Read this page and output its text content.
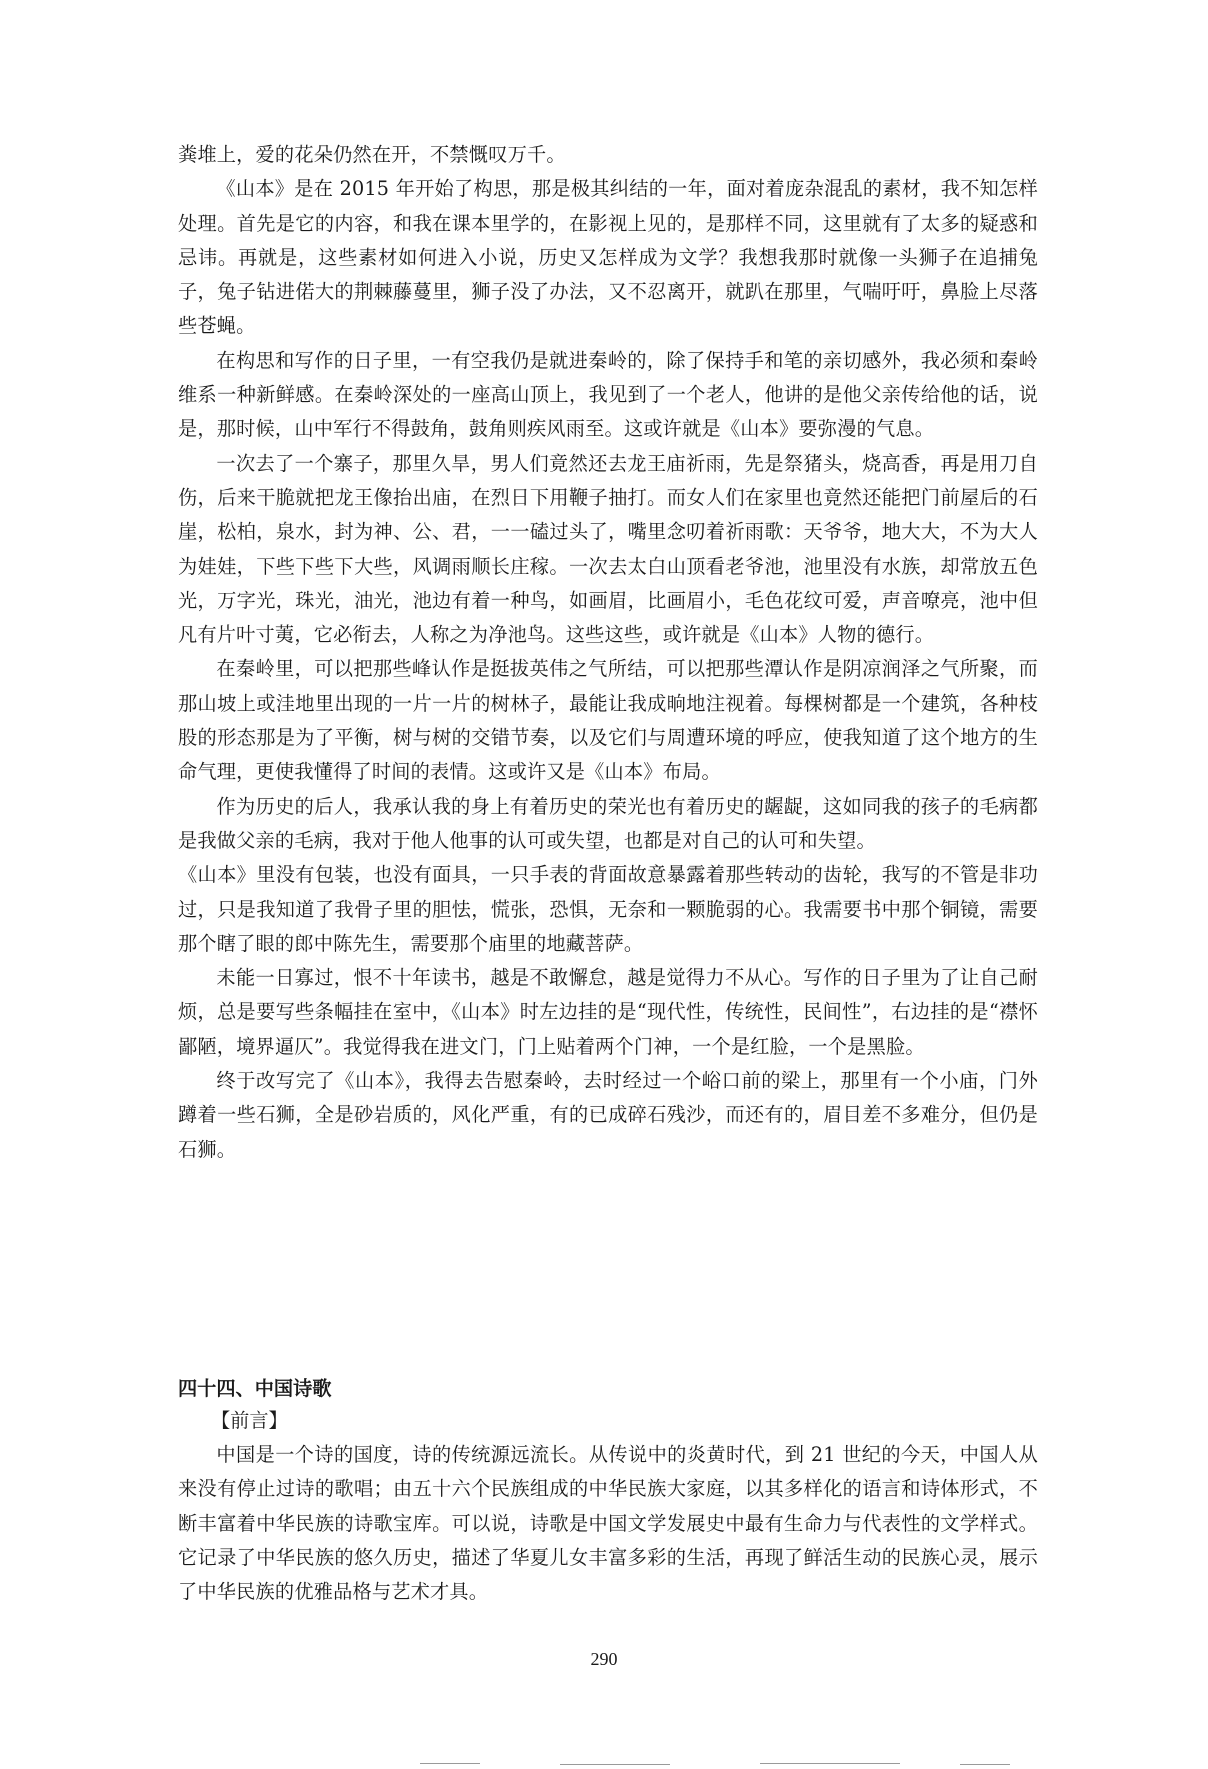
粪堆上，爱的花朵仍然在开，不禁慨叹万千。

《山本》是在 2015 年开始了构思，那是极其纠结的一年，面对着庞杂混乱的素材，我不知怎样处理。首先是它的内容，和我在课本里学的，在影视上见的，是那样不同，这里就有了太多的疑惑和忌讳。再就是，这些素材如何进入小说，历史又怎样成为文学？我想我那时就像一头狮子在追捕兔子，兔子钻进偌大的荆棘藤蔓里，狮子没了办法，又不忍离开，就趴在那里，气喘吁吁，鼻脸上尽落些苍蝇。

在构思和写作的日子里，一有空我仍是就进秦岭的，除了保持手和笔的亲切感外，我必须和秦岭维系一种新鲜感。在秦岭深处的一座高山顶上，我见到了一个老人，他讲的是他父亲传给他的话，说是，那时候，山中军行不得鼓角，鼓角则疾风雨至。这或许就是《山本》要弥漫的气息。

一次去了一个寨子，那里久旱，男人们竟然还去龙王庙祈雨，先是祭猪头，烧高香，再是用刀自伤，后来干脆就把龙王像抬出庙，在烈日下用鞭子抽打。而女人们在家里也竟然还能把门前屋后的石崖，松柏，泉水，封为神、公、君，一一磕过头了，嘴里念叨着祈雨歌：天爷爷，地大大，不为大人为娃娃，下些下些下大些，风调雨顺长庄稼。一次去太白山顶看老爷池，池里没有水族，却常放五色光，万字光，珠光，油光，池边有着一种鸟，如画眉，比画眉小，毛色花纹可爱，声音嘹亮，池中但凡有片叶寸荑，它必衔去，人称之为净池鸟。这些这些，或许就是《山本》人物的德行。

在秦岭里，可以把那些峰认作是挺拔英伟之气所结，可以把那些潭认作是阴凉润泽之气所聚，而那山坡上或洼地里出现的一片一片的树林子，最能让我成晌地注视着。每棵树都是一个建筑，各种枝股的形态那是为了平衡，树与树的交错节奏，以及它们与周遭环境的呼应，使我知道了这个地方的生命气理，更使我懂得了时间的表情。这或许又是《山本》布局。

作为历史的后人，我承认我的身上有着历史的荣光也有着历史的龌龊，这如同我的孩子的毛病都是我做父亲的毛病，我对于他人他事的认可或失望，也都是对自己的认可和失望。

《山本》里没有包装，也没有面具，一只手表的背面故意暴露着那些转动的齿轮，我写的不管是非功过，只是我知道了我骨子里的胆怯，慌张，恐惧，无奈和一颗脆弱的心。我需要书中那个铜镜，需要那个瞎了眼的郎中陈先生，需要那个庙里的地藏菩萨。

未能一日寡过，恨不十年读书，越是不敢懈怠，越是觉得力不从心。写作的日子里为了让自己耐烦，总是要写些条幅挂在室中，《山本》时左边挂的是“现代性，传统性，民间性”，右边挂的是“襟怀鄙陋，境界逼仄”。我觉得我在进文门，门上贴着两个门神，一个是红脸，一个是黑脸。

终于改写完了《山本》，我得去告慰秦岭，去时经过一个峪口前的梁上，那里有一个小庙，门外蹲着一些石狮，全是砂岩质的，风化严重，有的已成碎石残沙，而还有的，眉目差不多难分，但仍是石狮。

四十四、中国诗歌
【前言】

中国是一个诗的国度，诗的传统源远流长。从传说中的炎黄时代，到 21 世纪的今天，中国人从来没有停止过诗的歌唱；由五十六个民族组成的中华民族大家庭，以其多样化的语言和诗体形式，不断丰富着中华民族的诗歌宝库。可以说，诗歌是中国文学发展史中最有生命力与代表性的文学样式。它记录了中华民族的悠久历史，描述了华夏儿女丰富多彩的生活，再现了鲜活生动的民族心灵，展示了中华民族的优雅品格与艺术才具。

290
